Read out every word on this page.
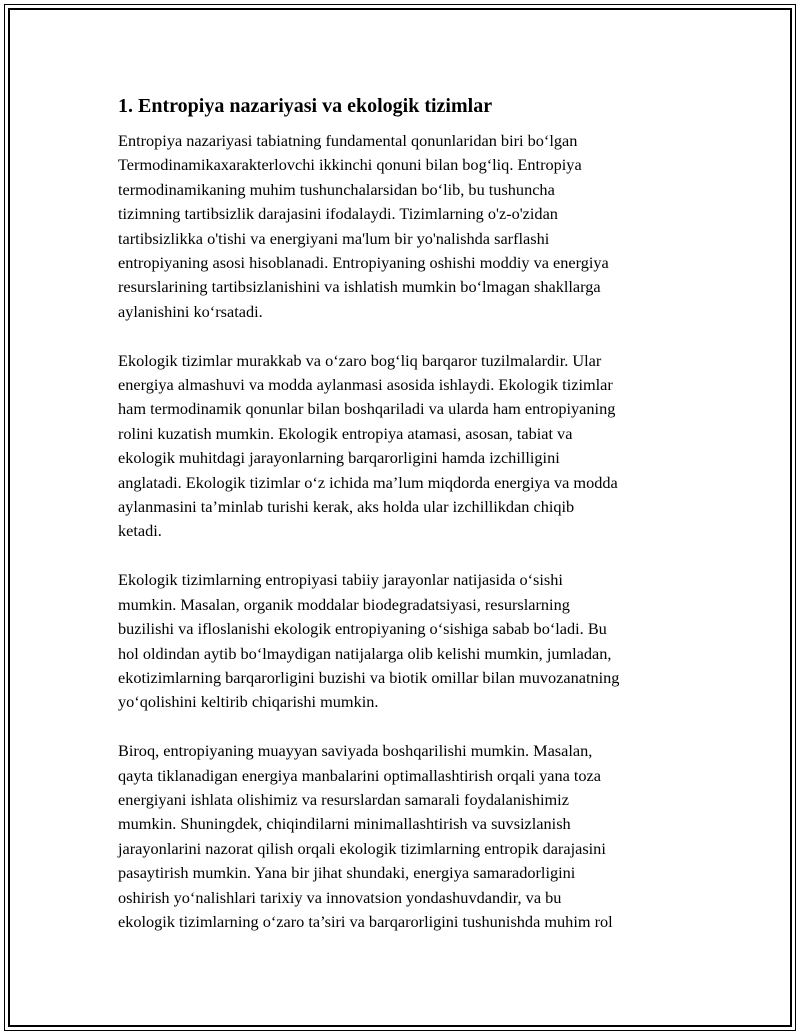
1. Entropiya nazariyasi va ekologik tizimlar

Entropiya nazariyasi tabiatning fundamental qonunlaridan biri bo‘lgan
Termodinamikaxarakterlovchi ikkinchi qonuni bilan bog‘liq. Entropiya
termodinamikaning muhim tushunchalarsidan bo‘lib, bu tushuncha
tizimning tartibsizlik darajasini ifodalaydi. Tizimlarning o'z-o'zidan
tartibsizlikka o'tishi va energiyani ma'lum bir yo'nalishda sarflashi
entropiyaning asosi hisoblanadi. Entropiyaning oshishi moddiy va energiya
resurslarining tartibsizlanishini va ishlatish mumkin bo‘lmagan shakllarga
aylanishini ko‘rsatadi.

Ekologik tizimlar murakkab va o‘zaro bog‘liq barqaror tuzilmalardir. Ular
energiya almashuvi va modda aylanmasi asosida ishlaydi. Ekologik tizimlar
ham termodinamik qonunlar bilan boshqariladi va ularda ham entropiyaning
rolini kuzatish mumkin. Ekologik entropiya atamasi, asosan, tabiat va
ekologik muhitdagi jarayonlarning barqarorligini hamda izchilligini
anglatadi. Ekologik tizimlar o‘z ichida ma’lum miqdorda energiya va modda
aylanmasini ta’minlab turishi kerak, aks holda ular izchillikdan chiqib
ketadi.

Ekologik tizimlarning entropiyasi tabiiy jarayonlar natijasida o‘sishi
mumkin. Masalan, organik moddalar biodegradatsiyasi, resurslarning
buzilishi va ifloslanishi ekologik entropiyaning o‘sishiga sabab bo‘ladi. Bu
hol oldindan aytib bo‘lmaydigan natijalarga olib kelishi mumkin, jumladan,
ekotizimlarning barqarorligini buzishi va biotik omillar bilan muvozanatning
yo‘qolishini keltirib chiqarishi mumkin.

Biroq, entropiyaning muayyan saviyada boshqarilishi mumkin. Masalan,
qayta tiklanadigan energiya manbalarini optimallashtirish orqali yana toza
energiyani ishlata olishimiz va resurslardan samarali foydalanishimiz
mumkin. Shuningdek, chiqindilarni minimallashtirish va suvsizlanish
jarayonlarini nazorat qilish orqali ekologik tizimlarning entropik darajasini
pasaytirish mumkin. Yana bir jihat shundaki, energiya samaradorligini
oshirish yo‘nalishlari tarixiy va innovatsion yondashuvdandir, va bu
ekologik tizimlarning o‘zaro ta’siri va barqarorligini tushunishda muhim rol
